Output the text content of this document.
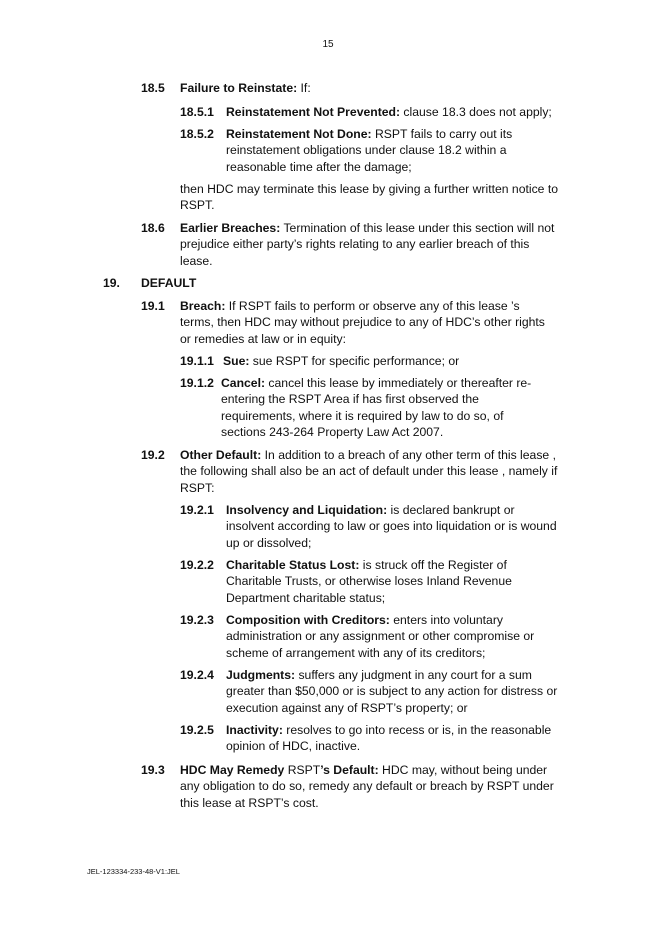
15
18.5 Failure to Reinstate: If:
18.5.1 Reinstatement Not Prevented: clause 18.3 does not apply;
18.5.2 Reinstatement Not Done: RSPT fails to carry out its reinstatement obligations under clause 18.2 within a reasonable time after the damage;
then HDC may terminate this lease by giving a further written notice to RSPT.
18.6 Earlier Breaches: Termination of this lease under this section will not prejudice either party’s rights relating to any earlier breach of this lease.
19. DEFAULT
19.1 Breach: If RSPT fails to perform or observe any of this lease ’s terms, then HDC may without prejudice to any of HDC’s other rights or remedies at law or in equity:
19.1.1 Sue: sue RSPT for specific performance; or
19.1.2 Cancel: cancel this lease by immediately or thereafter re-entering the RSPT Area if has first observed the requirements, where it is required by law to do so, of sections 243-264 Property Law Act 2007.
19.2 Other Default: In addition to a breach of any other term of this lease , the following shall also be an act of default under this lease , namely if RSPT:
19.2.1 Insolvency and Liquidation: is declared bankrupt or insolvent according to law or goes into liquidation or is wound up or dissolved;
19.2.2 Charitable Status Lost: is struck off the Register of Charitable Trusts, or otherwise loses Inland Revenue Department charitable status;
19.2.3 Composition with Creditors: enters into voluntary administration or any assignment or other compromise or scheme of arrangement with any of its creditors;
19.2.4 Judgments: suffers any judgment in any court for a sum greater than $50,000 or is subject to any action for distress or execution against any of RSPT’s property; or
19.2.5 Inactivity: resolves to go into recess or is, in the reasonable opinion of HDC, inactive.
19.3 HDC May Remedy RSPT’s Default: HDC may, without being under any obligation to do so, remedy any default or breach by RSPT under this lease at RSPT’s cost.
JEL-123334-233-48-V1:JEL
